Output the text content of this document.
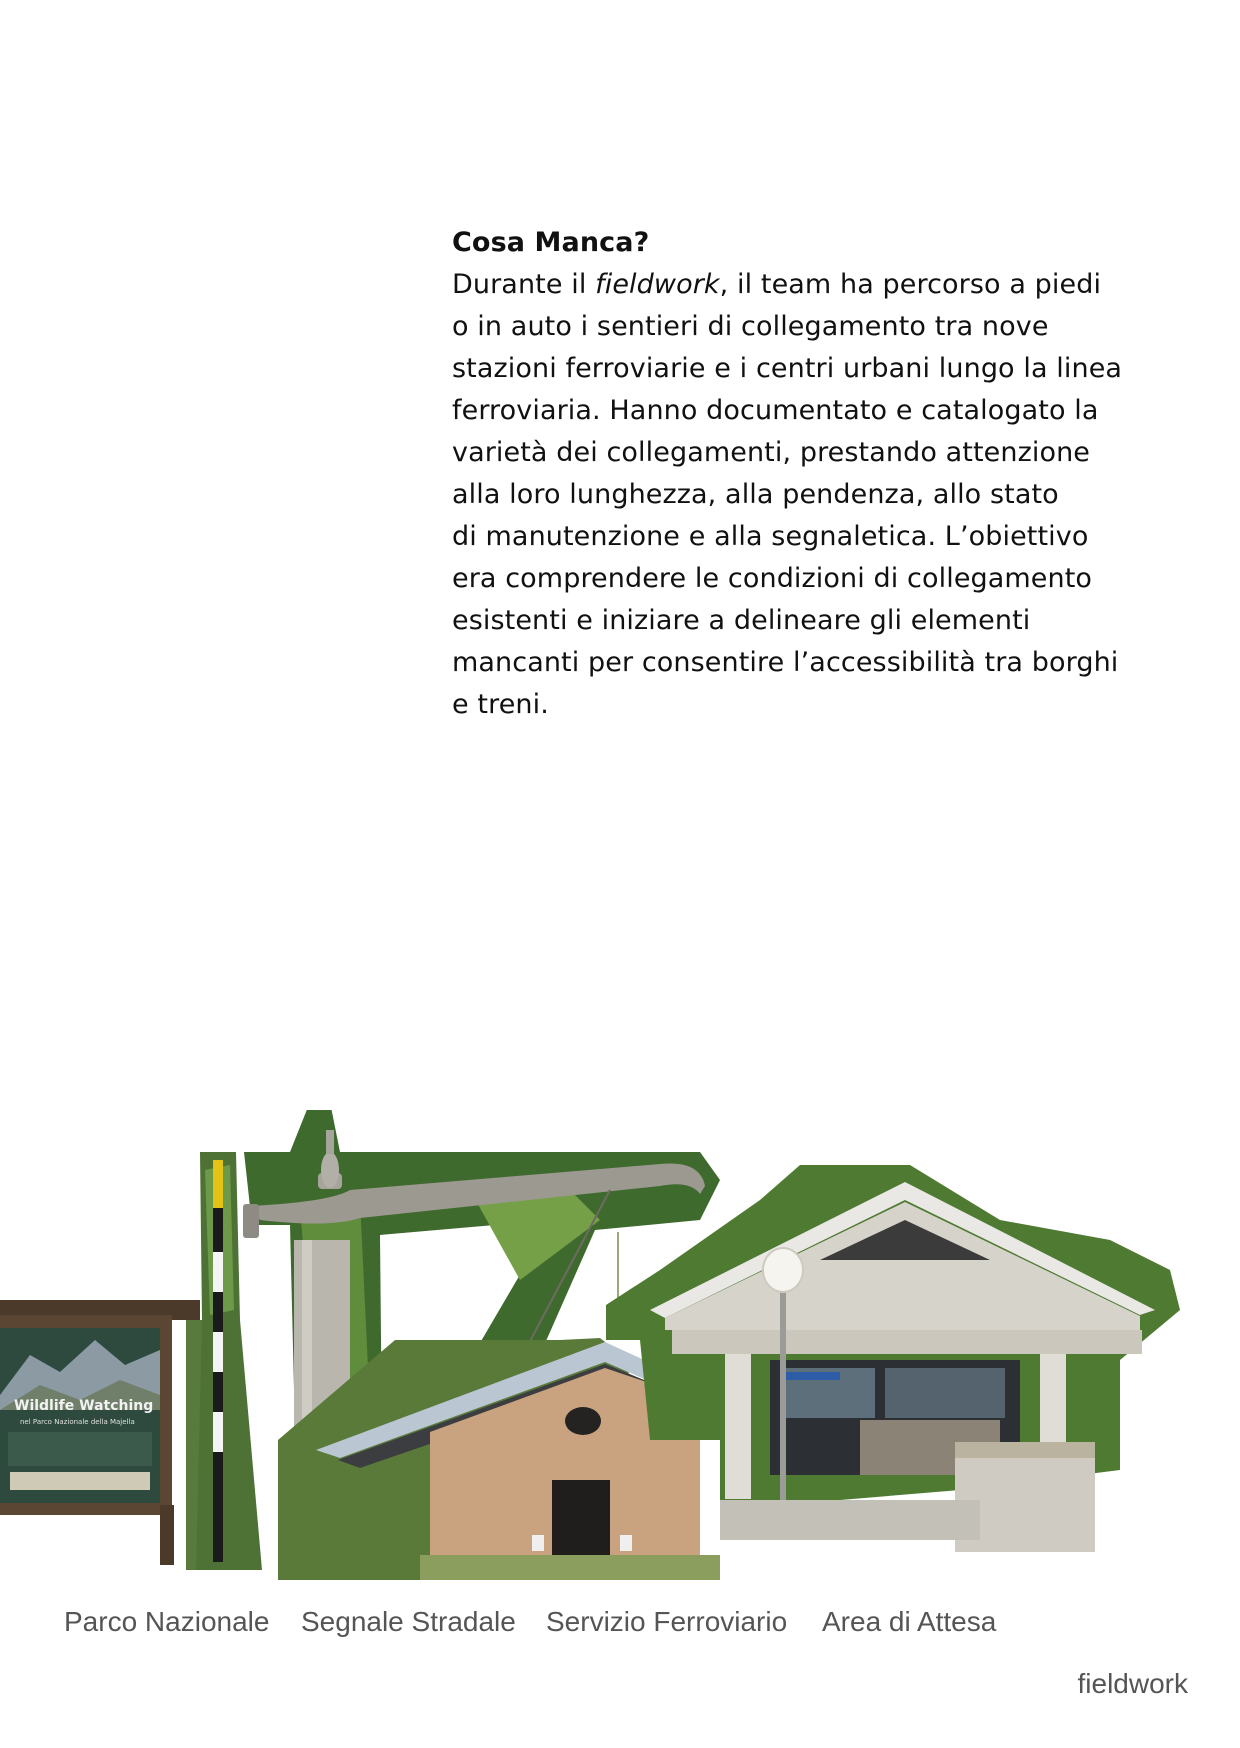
Cosa Manca?
Durante il fieldwork, il team ha percorso a piedi
o in auto i sentieri di collegamento tra nove
stazioni ferroviarie e i centri urbani lungo la linea
ferroviaria. Hanno documentato e catalogato la
varietà dei collegamenti, prestando attenzione
alla loro lunghezza, alla pendenza, allo stato
di manutenzione e alla segnaletica. L’obiettivo
era comprendere le condizioni di collegamento
esistenti e iniziare a delineare gli elementi
mancanti per consentire l’accessibilità tra borghi
e treni.
Wildlife Watching
nel Parco Nazionale della Majella
Parco Nazionale Segnale Stradale Servizio Ferroviario Area di Attesa
fieldwork
